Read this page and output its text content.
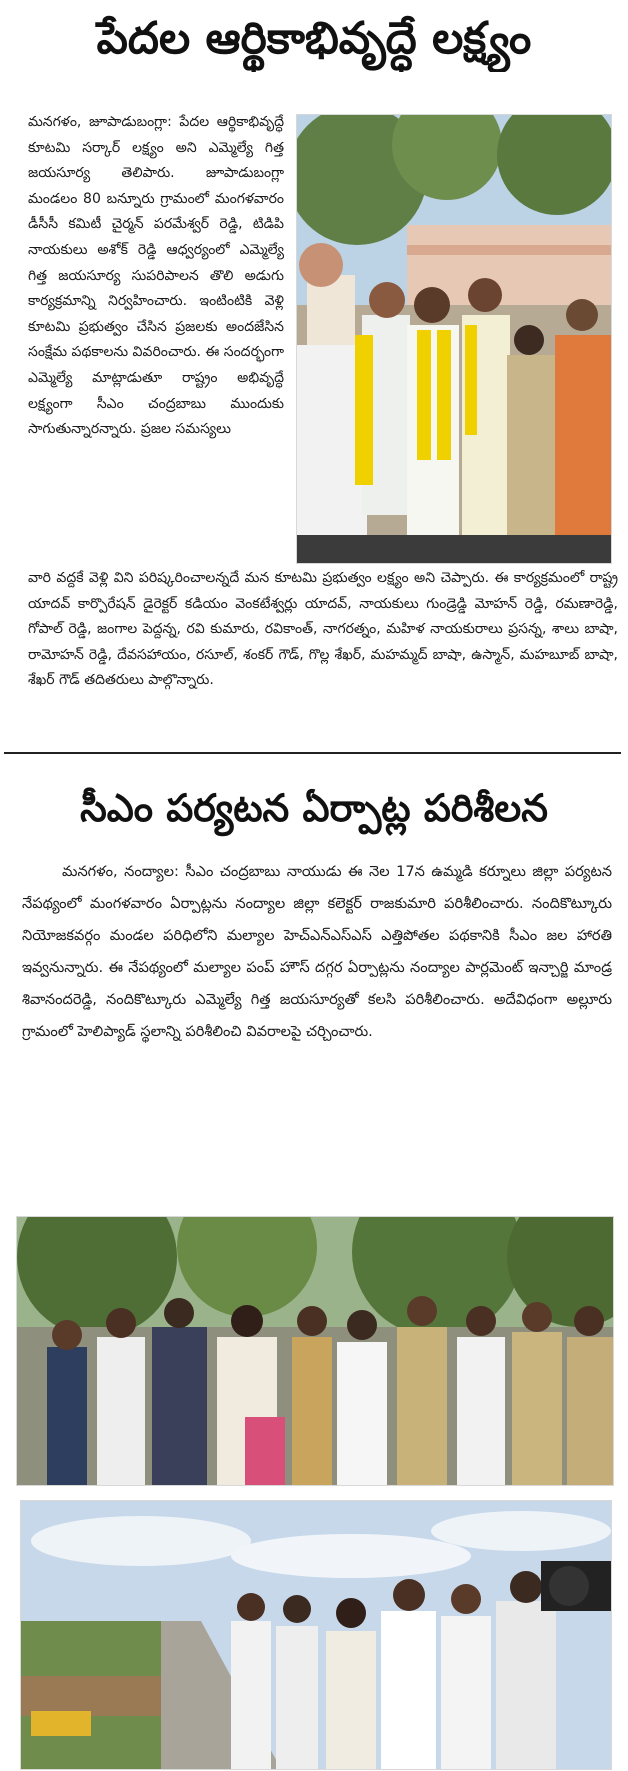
పేదల ఆర్థికాభివృద్ధే లక్ష్యం

మనగళం, జూపాడుబంగ్లా: పేదల ఆర్థికాభివృద్ధే కూటమి సర్కార్ లక్ష్యం అని ఎమ్మెల్యే గిత్త జయసూర్య తెలిపారు. జూపాడుబంగ్లా మండలం 80 బన్నూరు గ్రామంలో మంగళవారం డీసీసీ కమిటీ చైర్మన్ పరమేశ్వర్ రెడ్డి, టిడిపి నాయకులు అశోక్ రెడ్డి ఆధ్వర్యంలో ఎమ్మెల్యే గిత్త జయసూర్య సుపరిపాలన తొలి అడుగు కార్యక్రమాన్ని నిర్వహించారు. ఇంటింటికి వెళ్లి కూటమి ప్రభుత్వం చేసిన ప్రజలకు అందజేసిన సంక్షేమ పథకాలను వివరించారు. ఈ సందర్భంగా ఎమ్మెల్యే మాట్లాడుతూ రాష్ట్రం అభివృద్ధే లక్ష్యంగా సీఎం చంద్రబాబు ముందుకు సాగుతున్నారన్నారు. ప్రజల సమస్యలు

వారి వద్దకే వెళ్లి విని పరిష్కరించాలన్నదే మన కూటమి ప్రభుత్వం లక్ష్యం అని చెప్పారు. ఈ కార్యక్రమంలో రాష్ట్ర యాదవ్ కార్పొరేషన్ డైరెక్టర్ కడియం వెంకటేశ్వర్లు యాదవ్, నాయకులు గుండ్రెడ్డి మోహన్ రెడ్డి, రమణారెడ్డి, గోపాల్ రెడ్డి, జంగాల పెద్దన్న, రవి కుమారు, రవికాంత్, నాగరత్నం, మహిళ నాయకురాలు ప్రసన్న, శాలు బాషా, రామోహన్ రెడ్డి, దేవసహాయం, రసూల్, శంకర్ గౌడ్, గొల్ల శేఖర్, మహమ్మద్ బాషా, ఉస్మాన్, మహబూబ్ బాషా, శేఖర్ గౌడ్ తదితరులు పాల్గొన్నారు.

సీఎం పర్యటన ఏర్పాట్ల పరిశీలన

మనగళం, నంద్యాల: సీఎం చంద్రబాబు నాయుడు ఈ నెల 17న ఉమ్మడి కర్నూలు జిల్లా పర్యటన నేపథ్యంలో మంగళవారం ఏర్పాట్లను నంద్యాల జిల్లా కలెక్టర్ రాజకుమారి పరిశీలించారు. నందికొట్కూరు నియోజకవర్గం మండల పరిధిలోని మల్యాల హెచ్ఎన్ఎస్ఎస్ ఎత్తిపోతల పథకానికి సీఎం జల హారతి ఇవ్వనున్నారు. ఈ నేపథ్యంలో మల్యాల పంప్ హౌస్ దగ్గర ఏర్పాట్లను నంద్యాల పార్లమెంట్ ఇన్చార్జి మాండ్ర శివానందరెడ్డి, నందికొట్కూరు ఎమ్మెల్యే గిత్త జయసూర్యతో కలసి పరిశీలించారు. అదేవిధంగా అల్లూరు గ్రామంలో హెలిప్యాడ్ స్థలాన్ని పరిశీలించి వివరాలపై చర్చించారు.
